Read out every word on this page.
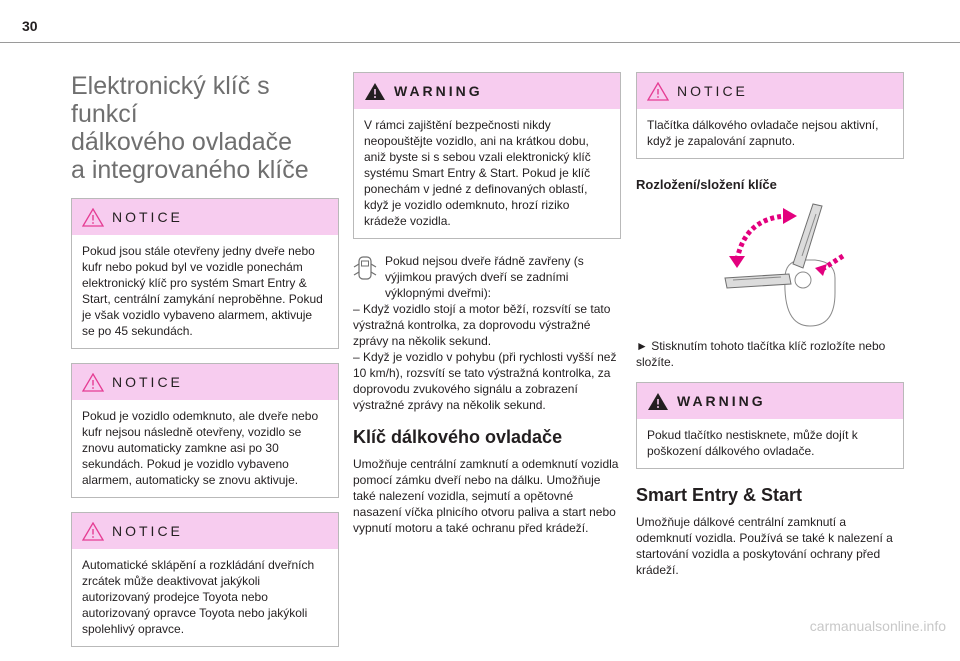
30
Elektronický klíč s funkcí
dálkového ovladače
a integrovaného klíče
NOTICE
Pokud jsou stále otevřeny jedny dveře nebo kufr nebo pokud byl ve vozidle ponechám elektronický klíč pro systém Smart Entry & Start, centrální zamykání neproběhne. Pokud je však vozidlo vybaveno alarmem, aktivuje se po 45 sekundách.
NOTICE
Pokud je vozidlo odemknuto, ale dveře nebo kufr nejsou následně otevřeny, vozidlo se znovu automaticky zamkne asi po 30 sekundách. Pokud je vozidlo vybaveno alarmem, automaticky se znovu aktivuje.
NOTICE
Automatické sklápění a rozkládání dveřních zrcátek může deaktivovat jakýkoli autorizovaný prodejce Toyota nebo autorizovaný opravce Toyota nebo jakýkoli spolehlivý opravce.
WARNING
V rámci zajištění bezpečnosti nikdy neopouštějte vozidlo, ani na krátkou dobu, aniž byste si s sebou vzali elektronický klíč systému Smart Entry & Start. Pokud je klíč ponechám v jedné z definovaných oblastí, když je vozidlo odemknuto, hrozí riziko krádeže vozidla.

Pokud nejsou dveře řádně zavřeny (s výjimkou pravých dveří se zadními výklopnými dveřmi):

– Když vozidlo stojí a motor běží, rozsvítí se tato výstražná kontrolka, za doprovodu výstražné zprávy na několik sekund.

– Když je vozidlo v pohybu (při rychlosti vyšší než 10 km/h), rozsvítí se tato výstražná kontrolka, za doprovodu zvukového signálu a zobrazení výstražné zprávy na několik sekund.

Klíč dálkového ovladače

Umožňuje centrální zamknutí a odemknutí vozidla pomocí zámku dveří nebo na dálku. Umožňuje také nalezení vozidla, sejmutí a opětovné nasazení víčka plnicího otvoru paliva a start nebo vypnutí motoru a také ochranu před krádeží.

NOTICE
Tlačítka dálkového ovladače nejsou aktivní, když je zapalování zapnuto.
Rozložení/složení klíče

► Stisknutím tohoto tlačítka klíč rozložíte nebo složíte.

WARNING
Pokud tlačítko nestisknete, může dojít k poškození dálkového ovladače.
Smart Entry & Start

Umožňuje dálkové centrální zamknutí a odemknutí vozidla. Používá se také k nalezení a startování vozidla a poskytování ochrany před krádeží.

carmanualsonline.info
